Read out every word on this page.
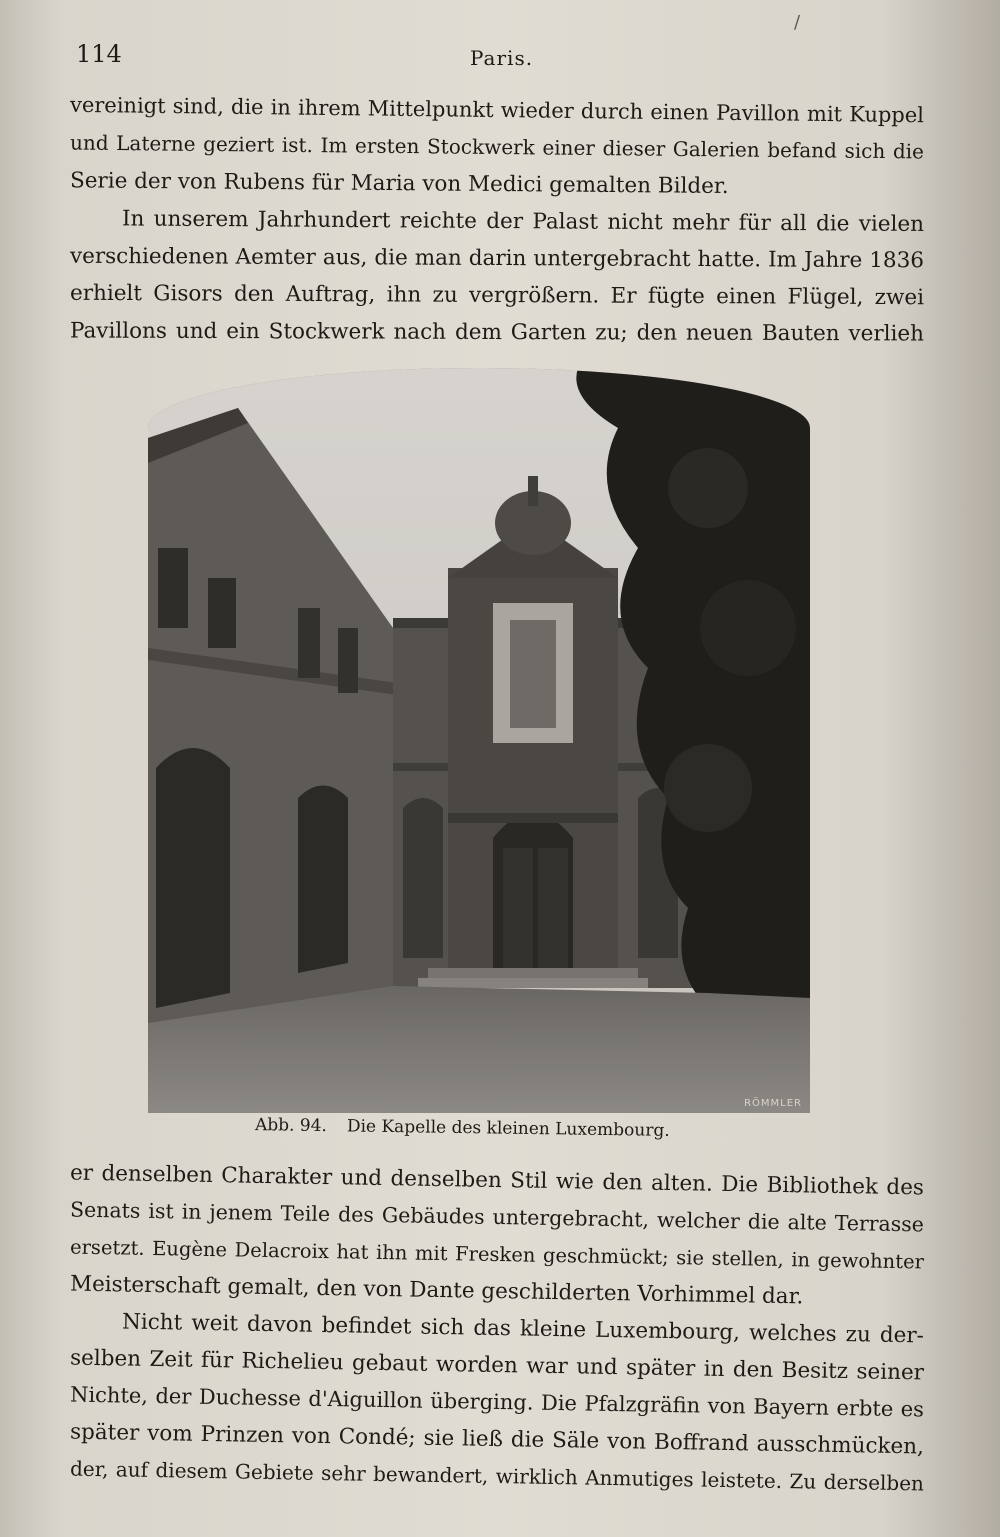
114	Paris.
/
vereinigt sind, die in ihrem Mittelpunkt wieder durch einen Pavillon mit Kuppel
und Laterne geziert ist. Im ersten Stockwerk einer dieser Galerien befand sich die
Serie der von Rubens für Maria von Medici gemalten Bilder.
In unserem Jahrhundert reichte der Palast nicht mehr für all die vielen
verschiedenen Aemter aus, die man darin untergebracht hatte. Im Jahre 1836
erhielt Gisors den Auftrag, ihn zu vergrößern. Er fügte einen Flügel, zwei
Pavillons und ein Stockwerk nach dem Garten zu; den neuen Bauten verlieh
RÖMMLER
Abb. 94. Die Kapelle des kleinen Luxembourg.
er denselben Charakter und denselben Stil wie den alten. Die Bibliothek des
Senats ist in jenem Teile des Gebäudes untergebracht, welcher die alte Terrasse
ersetzt. Eugène Delacroix hat ihn mit Fresken geschmückt; sie stellen, in gewohnter
Meisterschaft gemalt, den von Dante geschilderten Vorhimmel dar.
Nicht weit davon befindet sich das kleine Luxembourg, welches zu der-
selben Zeit für Richelieu gebaut worden war und später in den Besitz seiner
Nichte, der Duchesse d'Aiguillon überging. Die Pfalzgräfin von Bayern erbte es
später vom Prinzen von Condé; sie ließ die Säle von Boffrand ausschmücken,
der, auf diesem Gebiete sehr bewandert, wirklich Anmutiges leistete. Zu derselben
